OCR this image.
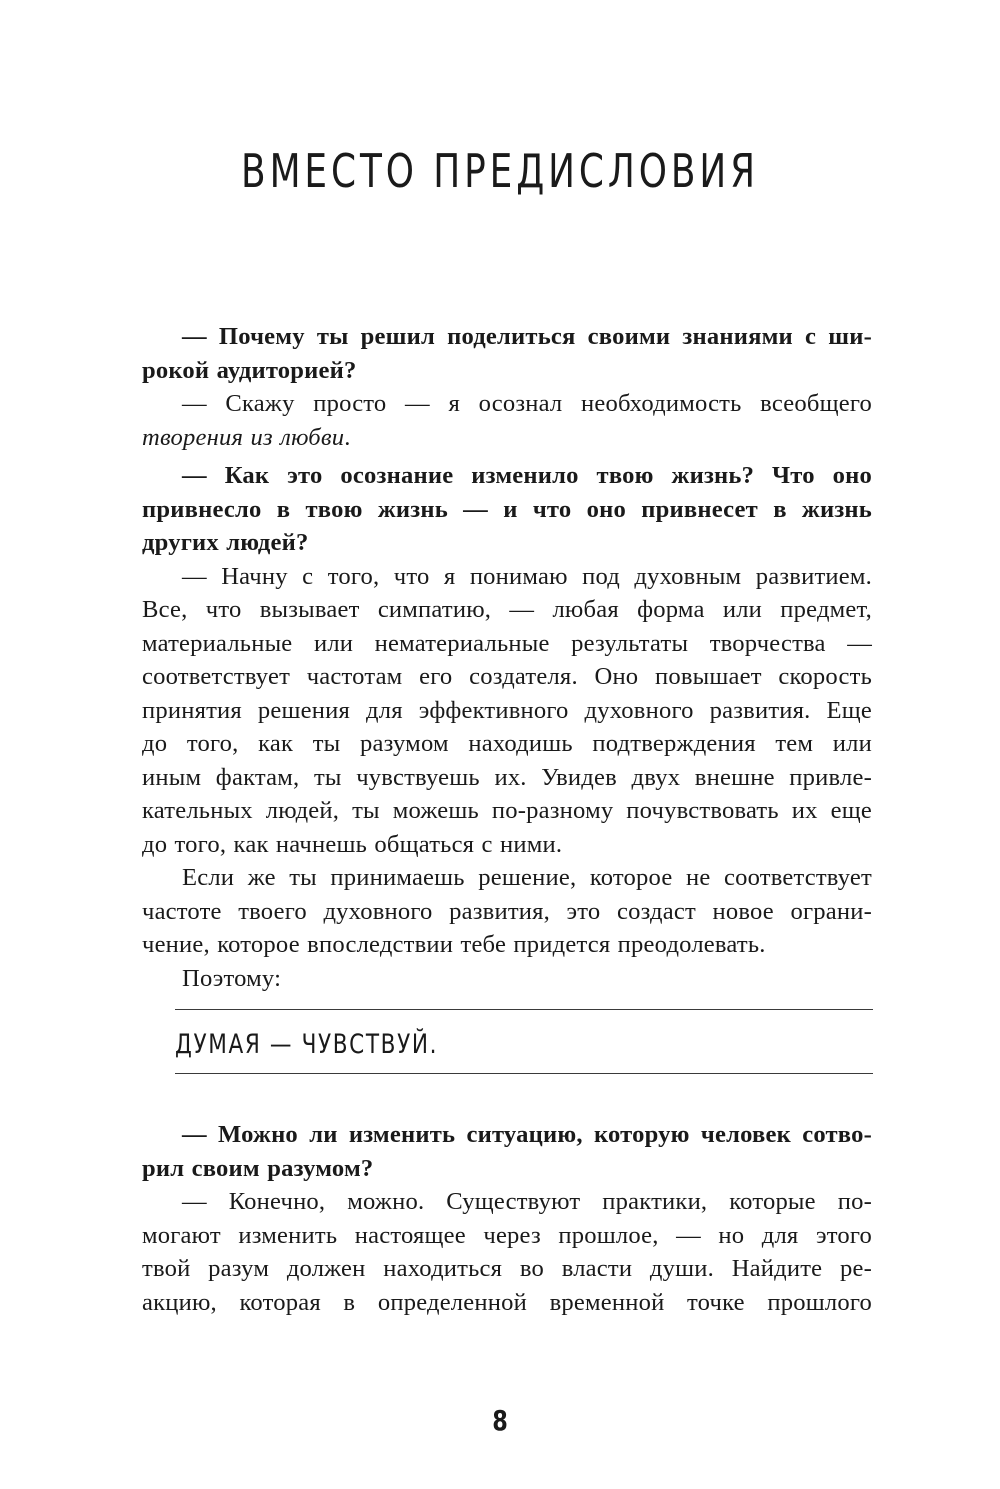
ВМЕСТО ПРЕДИСЛОВИЯ
— Почему ты решил поделиться своими знаниями с ши-
рокой аудиторией?
— Скажу просто — я осознал необходимость всеобщего
творения из любви.
— Как это осознание изменило твою жизнь? Что оно
привнесло в твою жизнь — и что оно привнесет в жизнь
других людей?
— Начну с того, что я понимаю под духовным развитием.
Все, что вызывает симпатию, — любая форма или предмет,
материальные или нематериальные результаты творчества —
соответствует частотам его создателя. Оно повышает скорость
принятия решения для эффективного духовного развития. Еще
до того, как ты разумом находишь подтверждения тем или
иным фактам, ты чувствуешь их. Увидев двух внешне привле-
кательных людей, ты можешь по-разному почувствовать их еще
до того, как начнешь общаться с ними.
Если же ты принимаешь решение, которое не соответствует
частоте твоего духовного развития, это создаст новое ограни-
чение, которое впоследствии тебе придется преодолевать.
Поэтому:
ДУМАЯ — ЧУВСТВУЙ.
— Можно ли изменить ситуацию, которую человек сотво-
рил своим разумом?
— Конечно, можно. Существуют практики, которые по-
могают изменить настоящее через прошлое, — но для этого
твой разум должен находиться во власти души. Найдите ре-
акцию, которая в определенной временной точке прошлого
8
